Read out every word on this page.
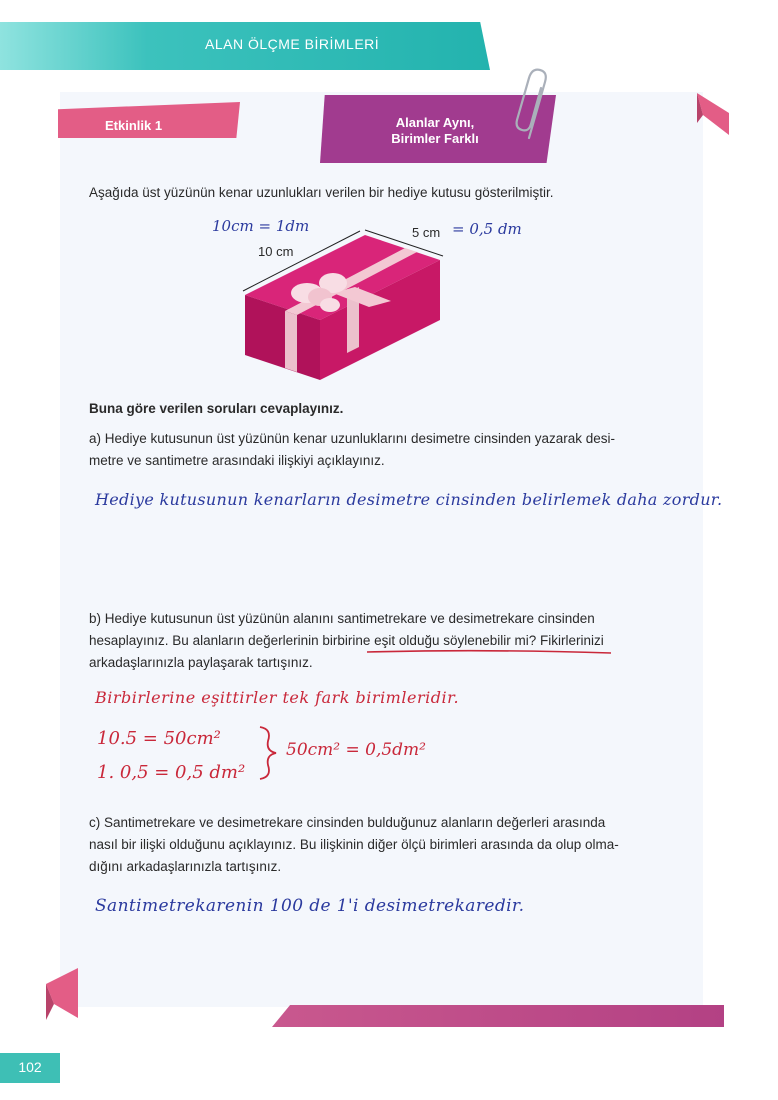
ALAN ÖLÇME BİRİMLERİ
Etkinlik 1	Alanlar Aynı,
Birimler Farklı
Aşağıda üst yüzünün kenar uzunlukları verilen bir hediye kutusu gösterilmiştir.
10 cm
5 cm
10cm = 1dm	= 0,5 dm
Buna göre verilen soruları cevaplayınız.
a) Hediye kutusunun üst yüzünün kenar uzunluklarını desimetre cinsinden yazarak desi-
metre ve santimetre arasındaki ilişkiyi açıklayınız.
Hediye kutusunun kenarların desimetre cinsinden belirlemek daha zordur.
b) Hediye kutusunun üst yüzünün alanını santimetrekare ve desimetrekare cinsinden
hesaplayınız. Bu alanların değerlerinin birbirine eşit olduğu söylenebilir mi? Fikirlerinizi
arkadaşlarınızla paylaşarak tartışınız.
Birbirlerine eşittirler tek fark birimleridir.
10.5 = 50cm²
1. 0,5 = 0,5 dm²
50cm² = 0,5dm²
c) Santimetrekare ve desimetrekare cinsinden bulduğunuz alanların değerleri arasında
nasıl bir ilişki olduğunu açıklayınız. Bu ilişkinin diğer ölçü birimleri arasında da olup olma-
dığını arkadaşlarınızla tartışınız.
Santimetrekarenin 100 de 1'i desimetrekaredir.
102
